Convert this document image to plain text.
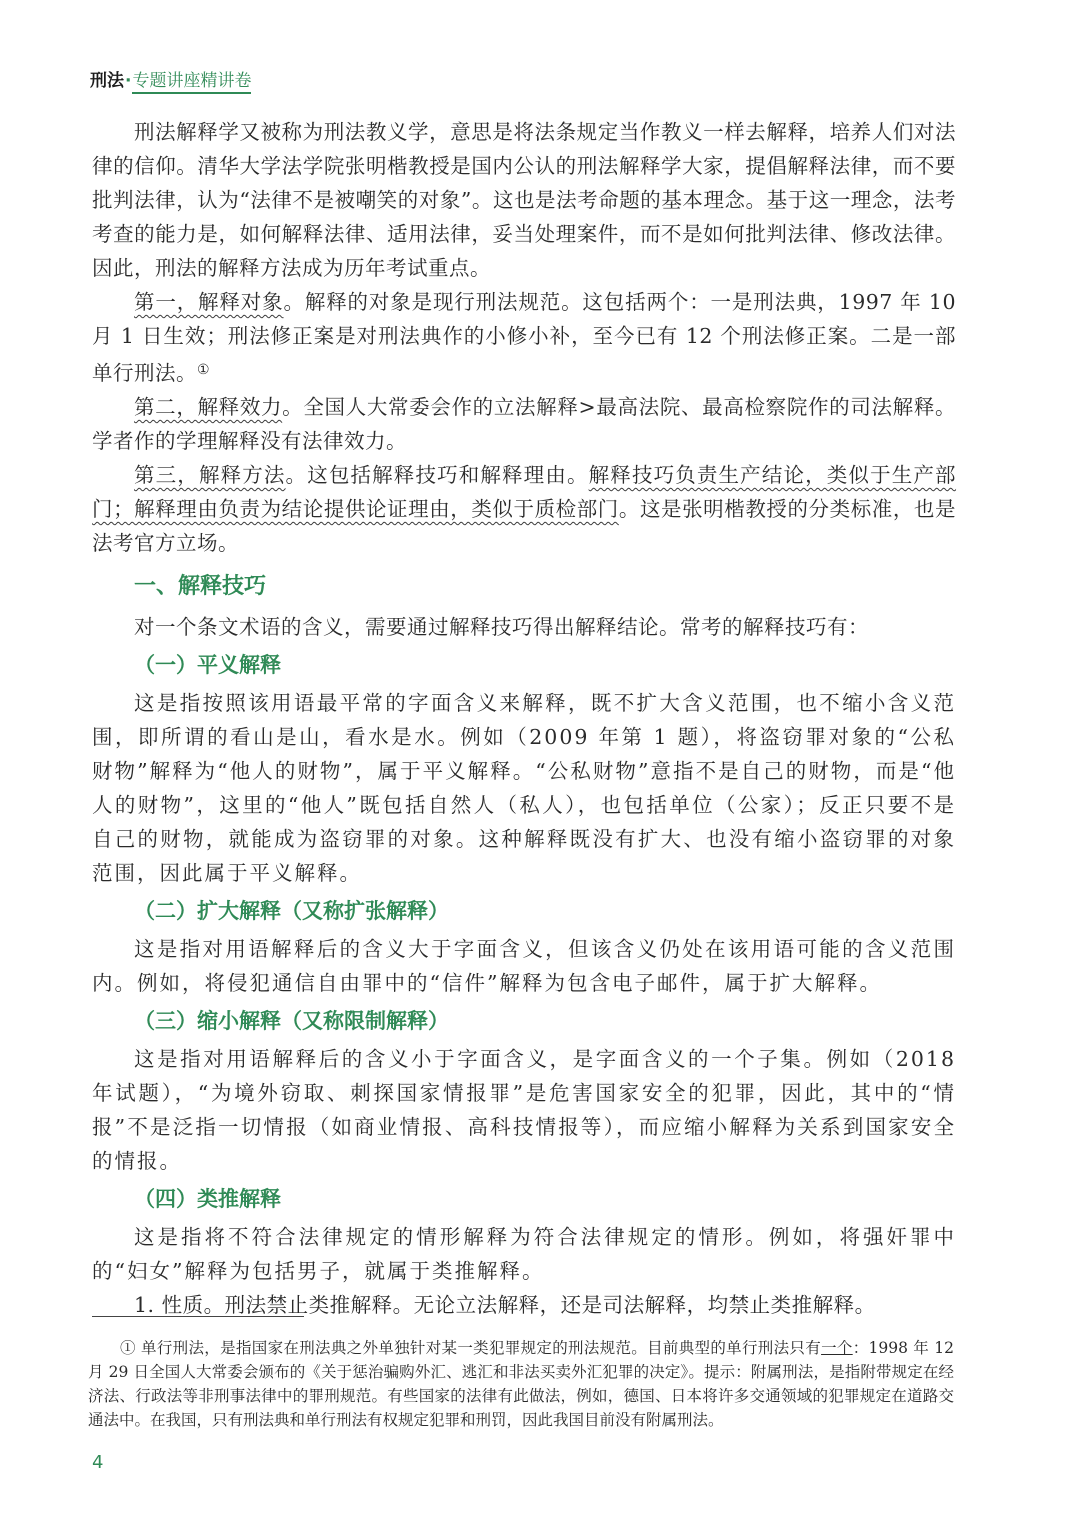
刑法·专题讲座精讲卷

刑法解释学又被称为刑法教义学，意思是将法条规定当作教义一样去解释，培养人们对法律的信仰。清华大学法学院张明楷教授是国内公认的刑法解释学大家，提倡解释法律，而不要批判法律，认为“法律不是被嘲笑的对象”。这也是法考命题的基本理念。基于这一理念，法考考查的能力是，如何解释法律、适用法律，妥当处理案件，而不是如何批判法律、修改法律。因此，刑法的解释方法成为历年考试重点。

第一，解释对象。解释的对象是现行刑法规范。这包括两个：一是刑法典，1997 年 10 月 1 日生效；刑法修正案是对刑法典作的小修小补，至今已有 12 个刑法修正案。二是一部单行刑法。①

第二，解释效力。全国人大常委会作的立法解释>最高法院、最高检察院作的司法解释。学者作的学理解释没有法律效力。

第三，解释方法。这包括解释技巧和解释理由。解释技巧负责生产结论，类似于生产部门；解释理由负责为结论提供论证理由，类似于质检部门。这是张明楷教授的分类标准，也是法考官方立场。

一、解释技巧

对一个条文术语的含义，需要通过解释技巧得出解释结论。常考的解释技巧有：

（一）平义解释

这是指按照该用语最平常的字面含义来解释，既不扩大含义范围，也不缩小含义范围，即所谓的看山是山，看水是水。例如（2009 年第 1 题），将盗窃罪对象的“公私财物”解释为“他人的财物”，属于平义解释。“公私财物”意指不是自己的财物，而是“他人的财物”，这里的“他人”既包括自然人（私人），也包括单位（公家）；反正只要不是自己的财物，就能成为盗窃罪的对象。这种解释既没有扩大、也没有缩小盗窃罪的对象范围，因此属于平义解释。

（二）扩大解释（又称扩张解释）

这是指对用语解释后的含义大于字面含义，但该含义仍处在该用语可能的含义范围内。例如，将侵犯通信自由罪中的“信件”解释为包含电子邮件，属于扩大解释。

（三）缩小解释（又称限制解释）

这是指对用语解释后的含义小于字面含义，是字面含义的一个子集。例如（2018 年试题），“为境外窃取、刺探国家情报罪”是危害国家安全的犯罪，因此，其中的“情报”不是泛指一切情报（如商业情报、高科技情报等），而应缩小解释为关系到国家安全的情报。

（四）类推解释

这是指将不符合法律规定的情形解释为符合法律规定的情形。例如，将强奸罪中的“妇女”解释为包括男子，就属于类推解释。

1. 性质。刑法禁止类推解释。无论立法解释，还是司法解释，均禁止类推解释。

① 单行刑法，是指国家在刑法典之外单独针对某一类犯罪规定的刑法规范。目前典型的单行刑法只有一个：1998 年 12 月 29 日全国人大常委会颁布的《关于惩治骗购外汇、逃汇和非法买卖外汇犯罪的决定》。提示：附属刑法，是指附带规定在经济法、行政法等非刑事法律中的罪刑规范。有些国家的法律有此做法，例如，德国、日本将许多交通领域的犯罪规定在道路交通法中。在我国，只有刑法典和单行刑法有权规定犯罪和刑罚，因此我国目前没有附属刑法。
4
